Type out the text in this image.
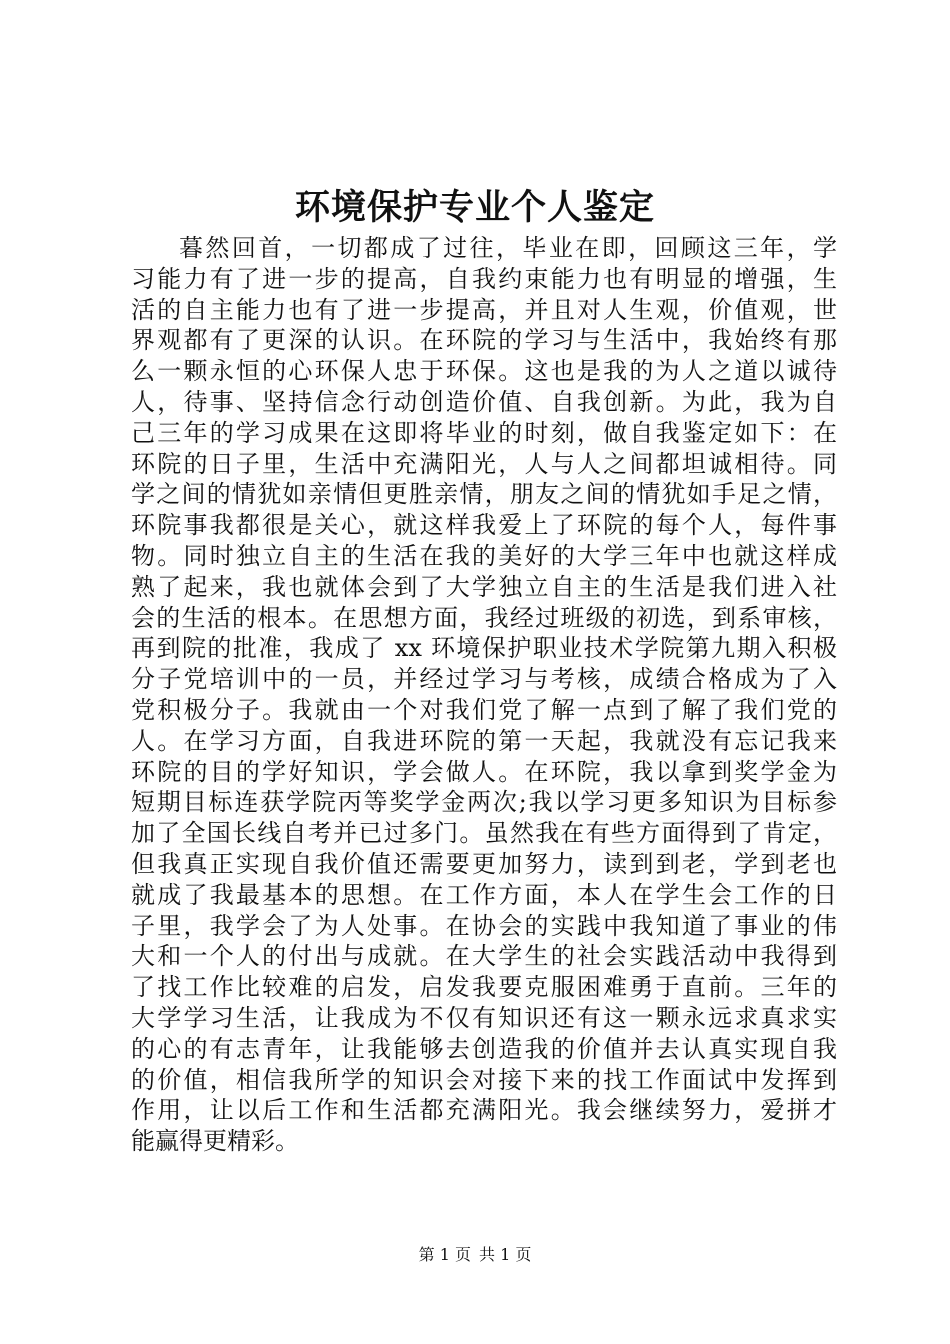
环境保护专业个人鉴定
暮然回首，一切都成了过往，毕业在即，回顾这三年，学
习能力有了进一步的提高，自我约束能力也有明显的增强，生
活的自主能力也有了进一步提高，并且对人生观，价值观，世
界观都有了更深的认识。在环院的学习与生活中，我始终有那
么一颗永恒的心环保人忠于环保。这也是我的为人之道以诚待
人，待事、坚持信念行动创造价值、自我创新。为此，我为自
己三年的学习成果在这即将毕业的时刻，做自我鉴定如下：在
环院的日子里，生活中充满阳光，人与人之间都坦诚相待。同
学之间的情犹如亲情但更胜亲情，朋友之间的情犹如手足之情，
环院事我都很是关心，就这样我爱上了环院的每个人，每件事
物。同时独立自主的生活在我的美好的大学三年中也就这样成
熟了起来，我也就体会到了大学独立自主的生活是我们进入社
会的生活的根本。在思想方面，我经过班级的初选，到系审核，
再到院的批准，我成了 xx 环境保护职业技术学院第九期入积极
分子党培训中的一员，并经过学习与考核，成绩合格成为了入
党积极分子。我就由一个对我们党了解一点到了解了我们党的
人。在学习方面，自我进环院的第一天起，我就没有忘记我来
环院的目的学好知识，学会做人。在环院，我以拿到奖学金为
短期目标连获学院丙等奖学金两次;我以学习更多知识为目标参
加了全国长线自考并已过多门。虽然我在有些方面得到了肯定，
但我真正实现自我价值还需要更加努力，读到到老，学到老也
就成了我最基本的思想。在工作方面，本人在学生会工作的日
子里，我学会了为人处事。在协会的实践中我知道了事业的伟
大和一个人的付出与成就。在大学生的社会实践活动中我得到
了找工作比较难的启发，启发我要克服困难勇于直前。三年的
大学学习生活，让我成为不仅有知识还有这一颗永远求真求实
的心的有志青年，让我能够去创造我的价值并去认真实现自我
的价值，相信我所学的知识会对接下来的找工作面试中发挥到
作用，让以后工作和生活都充满阳光。我会继续努力，爱拼才
能赢得更精彩。
第 1 页 共 1 页
